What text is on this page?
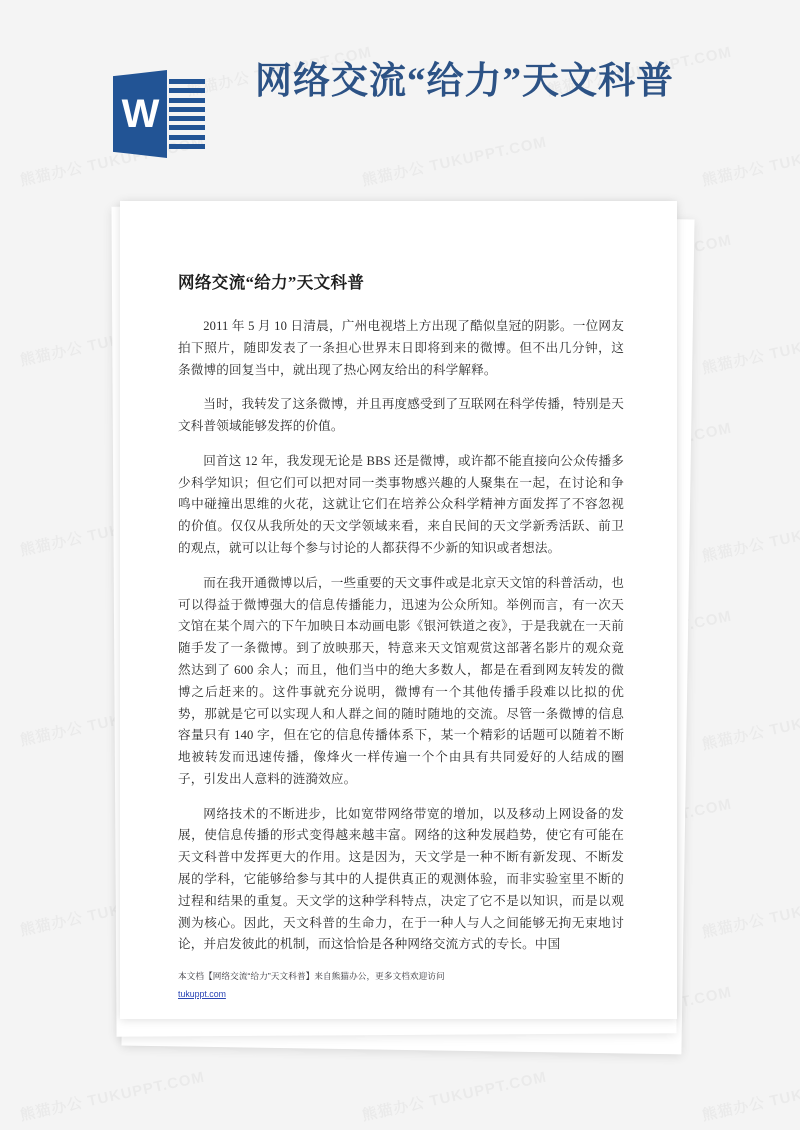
W
网络交流“给力”天文科普
网络交流“给力”天文科普

2011 年 5 月 10 日清晨，广州电视塔上方出现了酷似皇冠的阴影。一位网友拍下照片，随即发表了一条担心世界末日即将到来的微博。但不出几分钟，这条微博的回复当中，就出现了热心网友给出的科学解释。

当时，我转发了这条微博，并且再度感受到了互联网在科学传播，特别是天文科普领域能够发挥的价值。

回首这 12 年，我发现无论是 BBS 还是微博，或许都不能直接向公众传播多少科学知识；但它们可以把对同一类事物感兴趣的人聚集在一起，在讨论和争鸣中碰撞出思维的火花，这就让它们在培养公众科学精神方面发挥了不容忽视的价值。仅仅从我所处的天文学领域来看，来自民间的天文学新秀活跃、前卫的观点，就可以让每个参与讨论的人都获得不少新的知识或者想法。

而在我开通微博以后，一些重要的天文事件或是北京天文馆的科普活动，也可以得益于微博强大的信息传播能力，迅速为公众所知。举例而言，有一次天文馆在某个周六的下午加映日本动画电影《银河铁道之夜》，于是我就在一天前随手发了一条微博。到了放映那天，特意来天文馆观赏这部著名影片的观众竟然达到了 600 余人；而且，他们当中的绝大多数人，都是在看到网友转发的微博之后赶来的。这件事就充分说明，微博有一个其他传播手段难以比拟的优势，那就是它可以实现人和人群之间的随时随地的交流。尽管一条微博的信息容量只有 140 字，但在它的信息传播体系下，某一个精彩的话题可以随着不断地被转发而迅速传播，像烽火一样传遍一个个由具有共同爱好的人结成的圈子，引发出人意料的涟漪效应。

网络技术的不断进步，比如宽带网络带宽的增加，以及移动上网设备的发展，使信息传播的形式变得越来越丰富。网络的这种发展趋势，使它有可能在天文科普中发挥更大的作用。这是因为，天文学是一种不断有新发现、不断发展的学科，它能够给参与其中的人提供真正的观测体验，而非实验室里不断的过程和结果的重复。天文学的这种学科特点，决定了它不是以知识，而是以观测为核心。因此，天文科普的生命力，在于一种人与人之间能够无拘无束地讨论，并启发彼此的机制，而这恰恰是各种网络交流方式的专长。中国

本文档【网络交流“给力”天文科普】来自熊猫办公，更多文档欢迎访问
tukuppt.com
